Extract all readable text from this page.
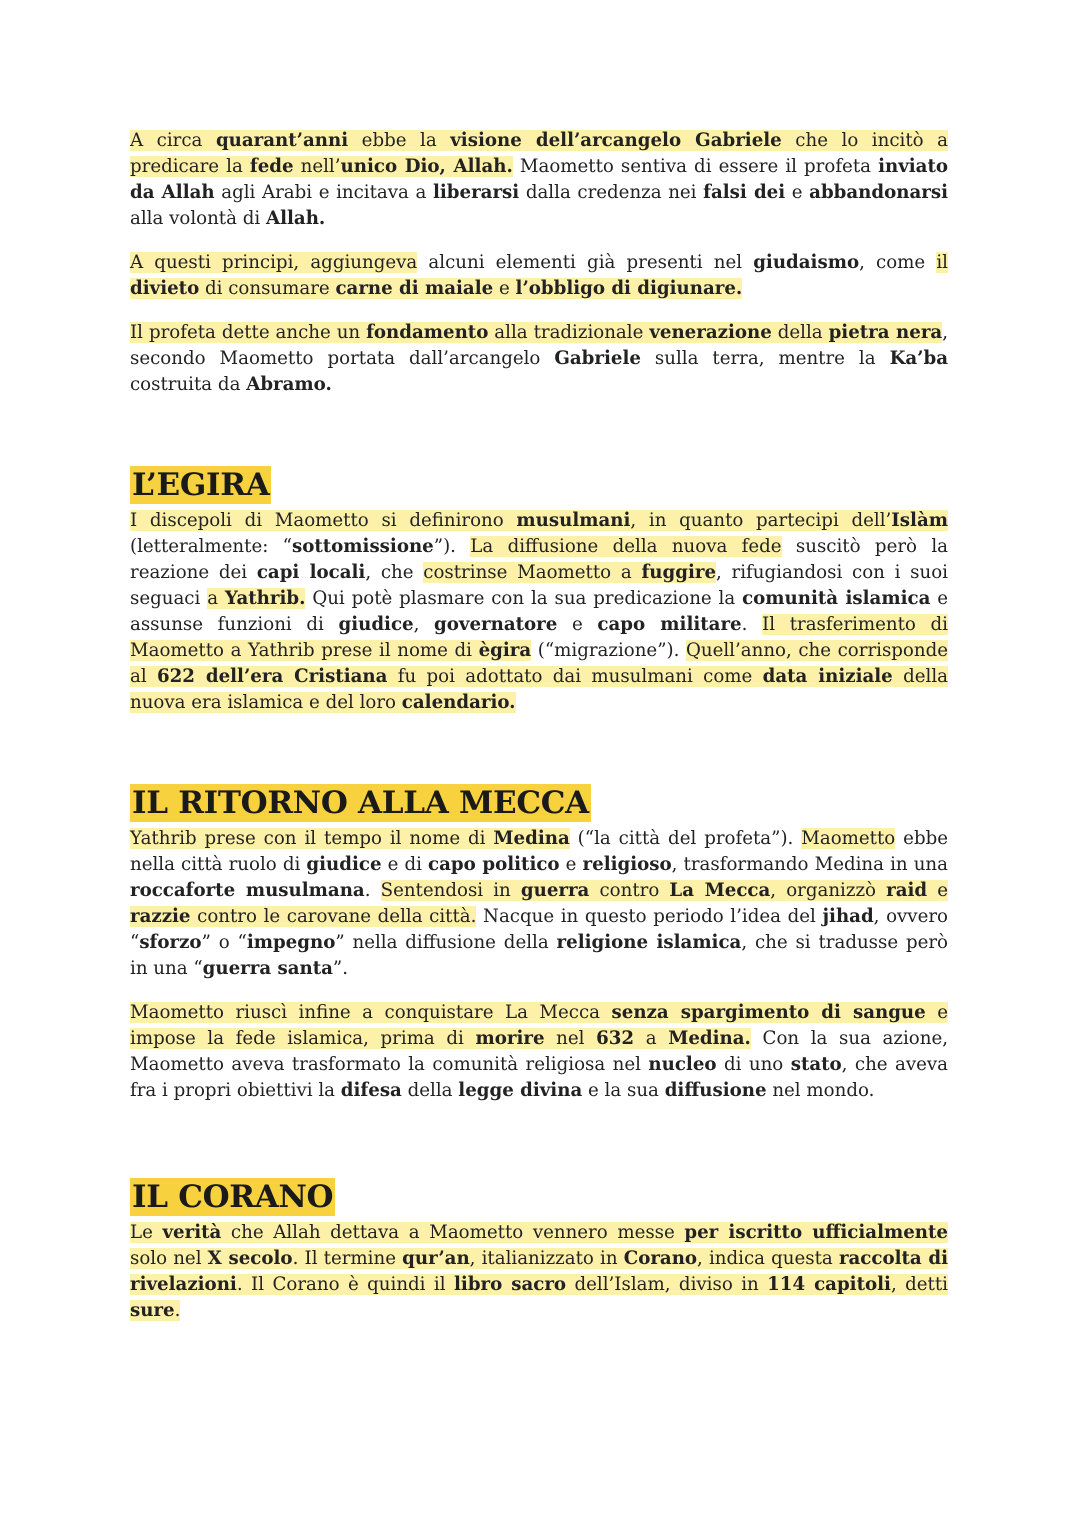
A circa quarant’anni ebbe la visione dell’arcangelo Gabriele che lo incitò a predicare la fede nell’unico Dio, Allah. Maometto sentiva di essere il profeta inviato da Allah agli Arabi e incitava a liberarsi dalla credenza nei falsi dei e abbandonarsi alla volontà di Allah.

A questi principi, aggiungeva alcuni elementi già presenti nel giudaismo, come il divieto di consumare carne di maiale e l’obbligo di digiunare.

Il profeta dette anche un fondamento alla tradizionale venerazione della pietra nera, secondo Maometto portata dall’arcangelo Gabriele sulla terra, mentre la Ka’ba costruita da Abramo.

L’EGIRA

I discepoli di Maometto si definirono musulmani, in quanto partecipi dell’Islàm (letteralmente: “sottomissione”). La diffusione della nuova fede suscitò però la reazione dei capi locali, che costrinse Maometto a fuggire, rifugiandosi con i suoi seguaci a Yathrib. Qui potè plasmare con la sua predicazione la comunità islamica e assunse funzioni di giudice, governatore e capo militare. Il trasferimento di Maometto a Yathrib prese il nome di ègira (“migrazione”). Quell’anno, che corrisponde al 622 dell’era Cristiana fu poi adottato dai musulmani come data iniziale della nuova era islamica e del loro calendario.

IL RITORNO ALLA MECCA

Yathrib prese con il tempo il nome di Medina (“la città del profeta”). Maometto ebbe nella città ruolo di giudice e di capo politico e religioso, trasformando Medina in una roccaforte musulmana. Sentendosi in guerra contro La Mecca, organizzò raid e razzie contro le carovane della città. Nacque in questo periodo l’idea del jihad, ovvero “sforzo” o “impegno” nella diffusione della religione islamica, che si tradusse però in una “guerra santa”.

Maometto riuscì infine a conquistare La Mecca senza spargimento di sangue e impose la fede islamica, prima di morire nel 632 a Medina. Con la sua azione, Maometto aveva trasformato la comunità religiosa nel nucleo di uno stato, che aveva fra i propri obiettivi la difesa della legge divina e la sua diffusione nel mondo.

IL CORANO

Le verità che Allah dettava a Maometto vennero messe per iscritto ufficialmente solo nel X secolo. Il termine qur’an, italianizzato in Corano, indica questa raccolta di rivelazioni. Il Corano è quindi il libro sacro dell’Islam, diviso in 114 capitoli, detti sure.
